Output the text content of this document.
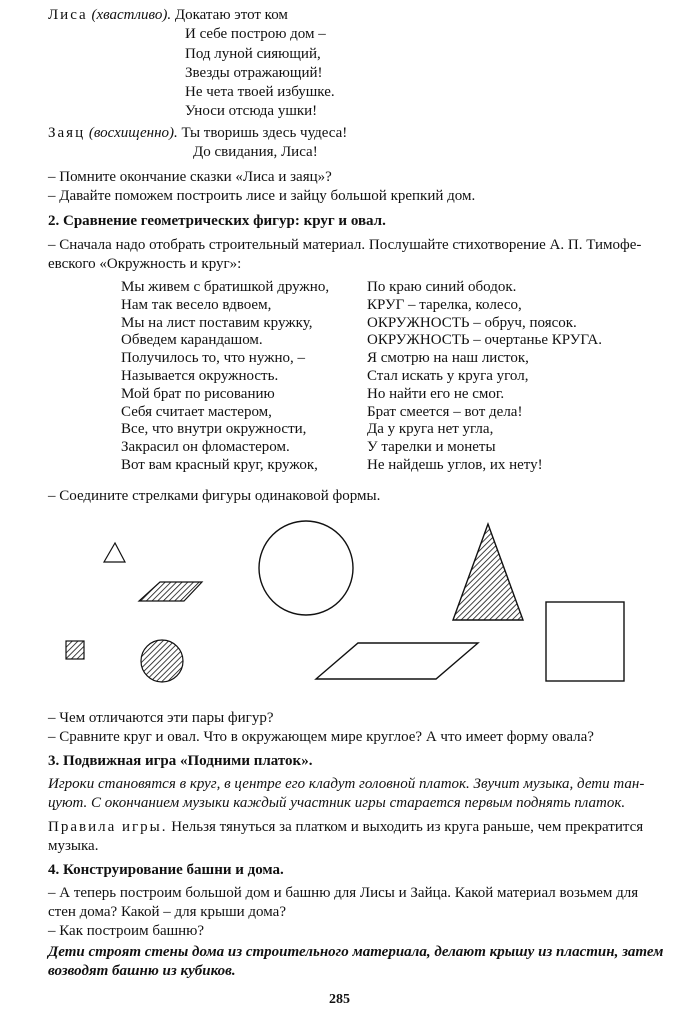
Лиса (хвастливо). Докатаю этот ком
И себе построю дом –
Под луной сияющий,
Звезды отражающий!
Не чета твоей избушке.
Уноси отсюда ушки!
Заяц (восхищенно). Ты творишь здесь чудеса!
До свидания, Лиса!
– Помните окончание сказки «Лиса и заяц»?
– Давайте поможем построить лисе и зайцу большой крепкий дом.
2. Сравнение геометрических фигур: круг и овал.
– Сначала надо отобрать строительный материал. Послушайте стихотворение А. П. Тимофе-
евского «Окружность и круг»:
Мы живем с братишкой дружно,
Нам так весело вдвоем,
Мы на лист поставим кружку,
Обведем карандашом.
Получилось то, что нужно, –
Называется окружность.
Мой брат по рисованию
Себя считает мастером,
Все, что внутри окружности,
Закрасил он фломастером.
Вот вам красный круг, кружок,
По краю синий ободок.
КРУГ – тарелка, колесо,
ОКРУЖНОСТЬ – обруч, поясок.
ОКРУЖНОСТЬ – очертанье КРУГА.
Я смотрю на наш листок,
Стал искать у круга угол,
Но найти его не смог.
Брат смеется – вот дела!
Да у круга нет угла,
У тарелки и монеты
Не найдешь углов, их нету!
– Соедините стрелками фигуры одинаковой формы.
– Чем отличаются эти пары фигур?
– Сравните круг и овал. Что в окружающем мире круглое? А что имеет форму овала?
3. Подвижная игра «Подними платок».
Игроки становятся в круг, в центре его кладут головной платок. Звучит музыка, дети тан-
цуют. С окончанием музыки каждый участник игры старается первым поднять платок.
Правила игры. Нельзя тянуться за платком и выходить из круга раньше, чем прекратится
музыка.
4. Конструирование башни и дома.
– А теперь построим большой дом и башню для Лисы и Зайца. Какой материал возьмем для
стен дома? Какой – для крыши дома?
– Как построим башню?
Дети строят стены дома из строительного материала, делают крышу из пластин, затем
возводят башню из кубиков.
285
